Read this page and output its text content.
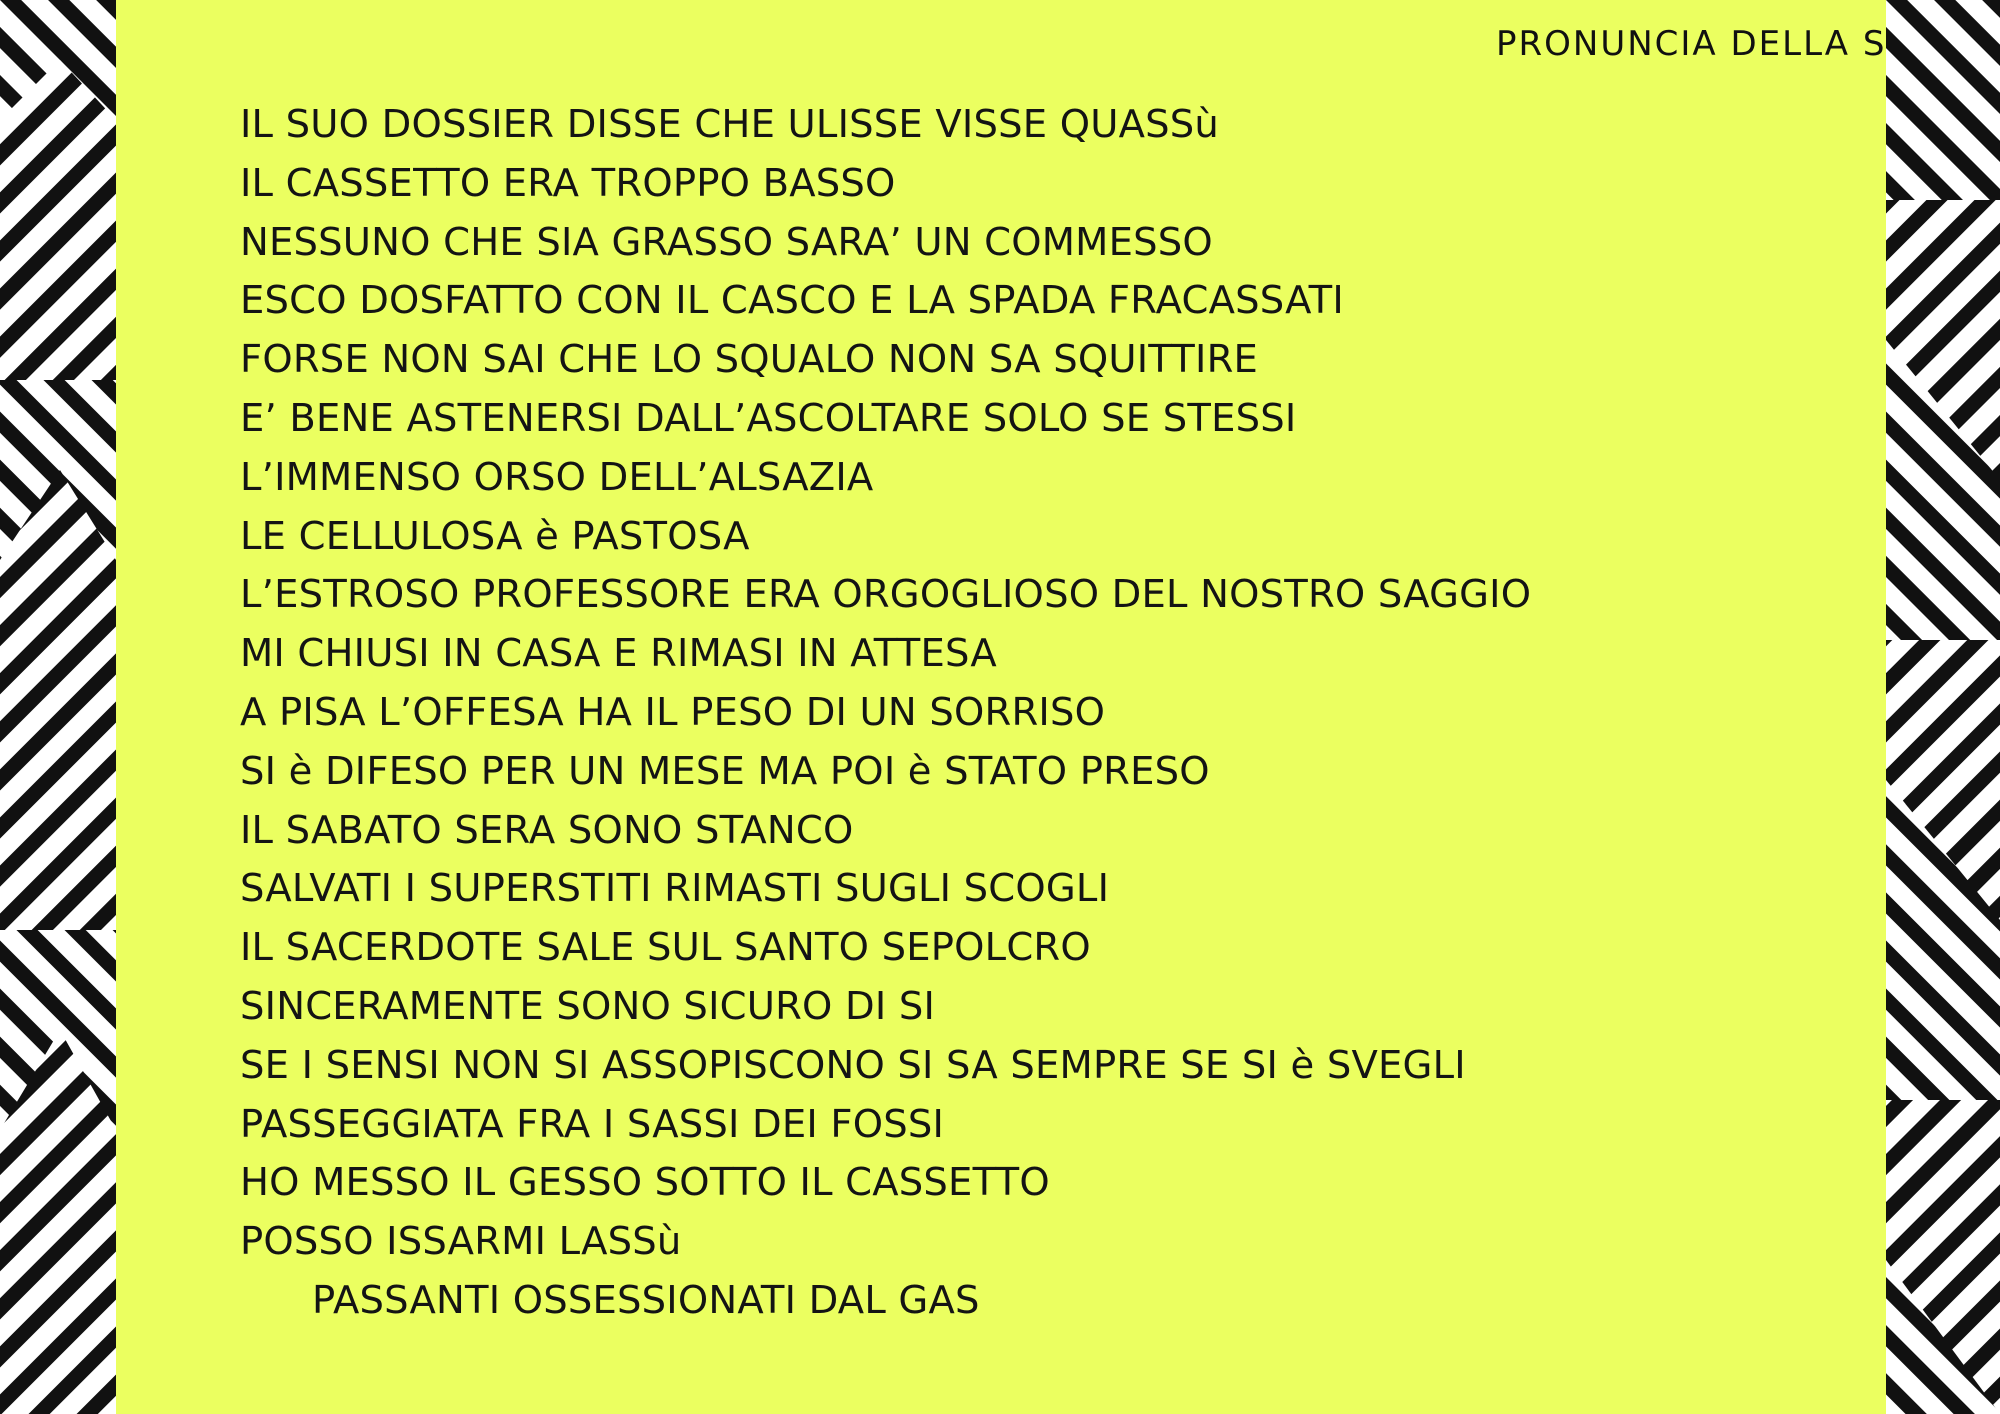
PRONUNCIA DELLA S
IL SUO DOSSIER DISSE CHE ULISSE VISSE QUASSù
IL CASSETTO ERA TROPPO BASSO
NESSUNO CHE SIA GRASSO SARA’ UN COMMESSO
ESCO DOSFATTO CON IL CASCO E LA SPADA FRACASSATI
FORSE NON SAI CHE LO SQUALO NON SA SQUITTIRE
E’ BENE ASTENERSI DALL’ASCOLTARE SOLO SE STESSI
L’IMMENSO ORSO DELL’ALSAZIA
LE CELLULOSA è PASTOSA
L’ESTROSO PROFESSORE ERA ORGOGLIOSO DEL NOSTRO SAGGIO
MI CHIUSI IN CASA E RIMASI IN ATTESA
A PISA L’OFFESA HA IL PESO DI UN SORRISO
SI è DIFESO PER UN MESE MA POI è STATO PRESO
IL SABATO SERA SONO STANCO
SALVATI I SUPERSTITI RIMASTI SUGLI SCOGLI
IL SACERDOTE SALE SUL SANTO SEPOLCRO
SINCERAMENTE SONO SICURO DI SI
SE I SENSI NON SI ASSOPISCONO SI SA SEMPRE SE SI è SVEGLI
PASSEGGIATA FRA I SASSI DEI FOSSI
HO MESSO IL GESSO SOTTO IL CASSETTO
POSSO ISSARMI LASSù
PASSANTI OSSESSIONATI DAL GAS
